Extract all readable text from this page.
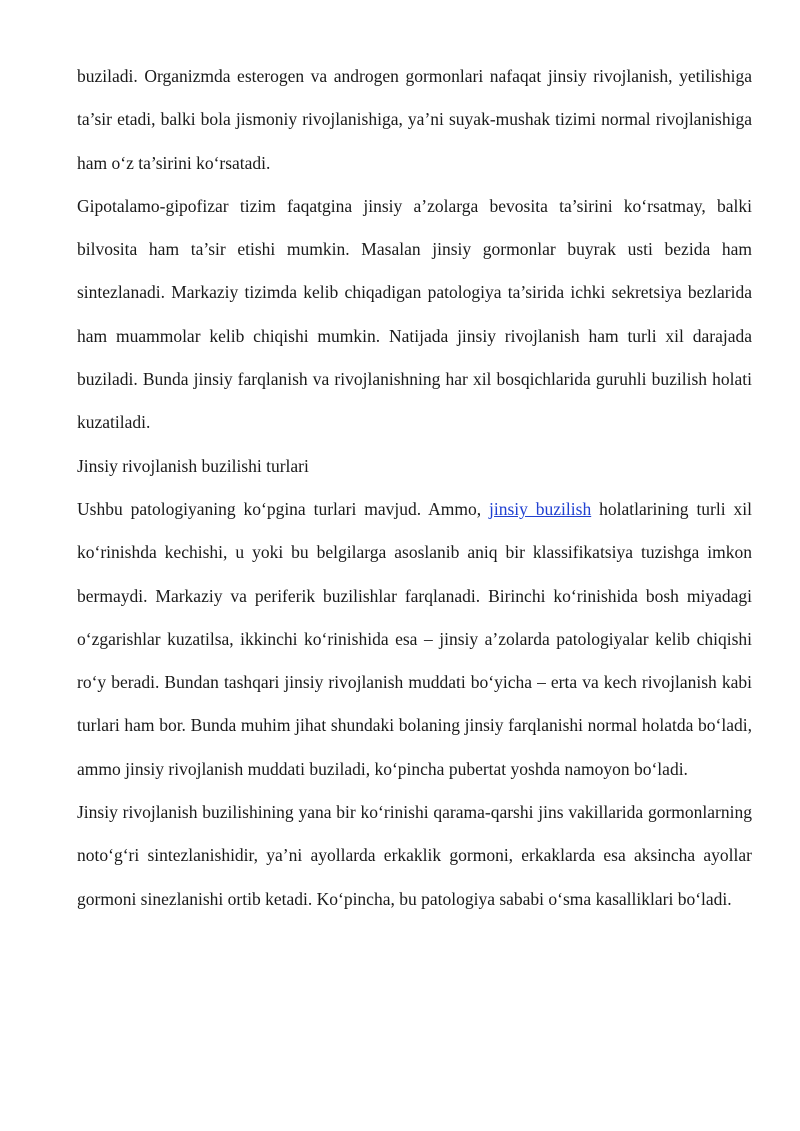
buziladi. Organizmda esterogen va androgen gormonlari nafaqat jinsiy rivojlanish, yetilishiga ta’sir etadi, balki bola jismoniy rivojlanishiga, ya’ni suyak-mushak tizimi normal rivojlanishiga ham o‘z ta’sirini ko‘rsatadi.

Gipotalamo-gipofizar tizim faqatgina jinsiy a’zolarga bevosita ta’sirini ko‘rsatmay, balki bilvosita ham ta’sir etishi mumkin. Masalan jinsiy gormonlar buyrak usti bezida ham sintezlanadi. Markaziy tizimda kelib chiqadigan patologiya ta’sirida ichki sekretsiya bezlarida ham muammolar kelib chiqishi mumkin. Natijada jinsiy rivojlanish ham turli xil darajada buziladi. Bunda jinsiy farqlanish va rivojlanishning har xil bosqichlarida guruhli buzilish holati kuzatiladi.

Jinsiy rivojlanish buzilishi turlari

Ushbu patologiyaning ko‘pgina turlari mavjud. Ammo, jinsiy buzilish holatlarining turli xil ko‘rinishda kechishi, u yoki bu belgilarga asoslanib aniq bir klassifikatsiya tuzishga imkon bermaydi. Markaziy va periferik buzilishlar farqlanadi. Birinchi ko‘rinishida bosh miyadagi o‘zgarishlar kuzatilsa, ikkinchi ko‘rinishida esa – jinsiy a’zolarda patologiyalar kelib chiqishi ro‘y beradi. Bundan tashqari jinsiy rivojlanish muddati bo‘yicha – erta va kech rivojlanish kabi turlari ham bor. Bunda muhim jihat shundaki bolaning jinsiy farqlanishi normal holatda bo‘ladi, ammo jinsiy rivojlanish muddati buziladi, ko‘pincha pubertat yoshda namoyon bo‘ladi.

Jinsiy rivojlanish buzilishining yana bir ko‘rinishi qarama-qarshi jins vakillarida gormonlarning noto‘g‘ri sintezlanishidir, ya’ni ayollarda erkaklik gormoni, erkaklarda esa aksincha ayollar gormoni sinezlanishi ortib ketadi. Ko‘pincha, bu patologiya sababi o‘sma kasalliklari bo‘ladi.
